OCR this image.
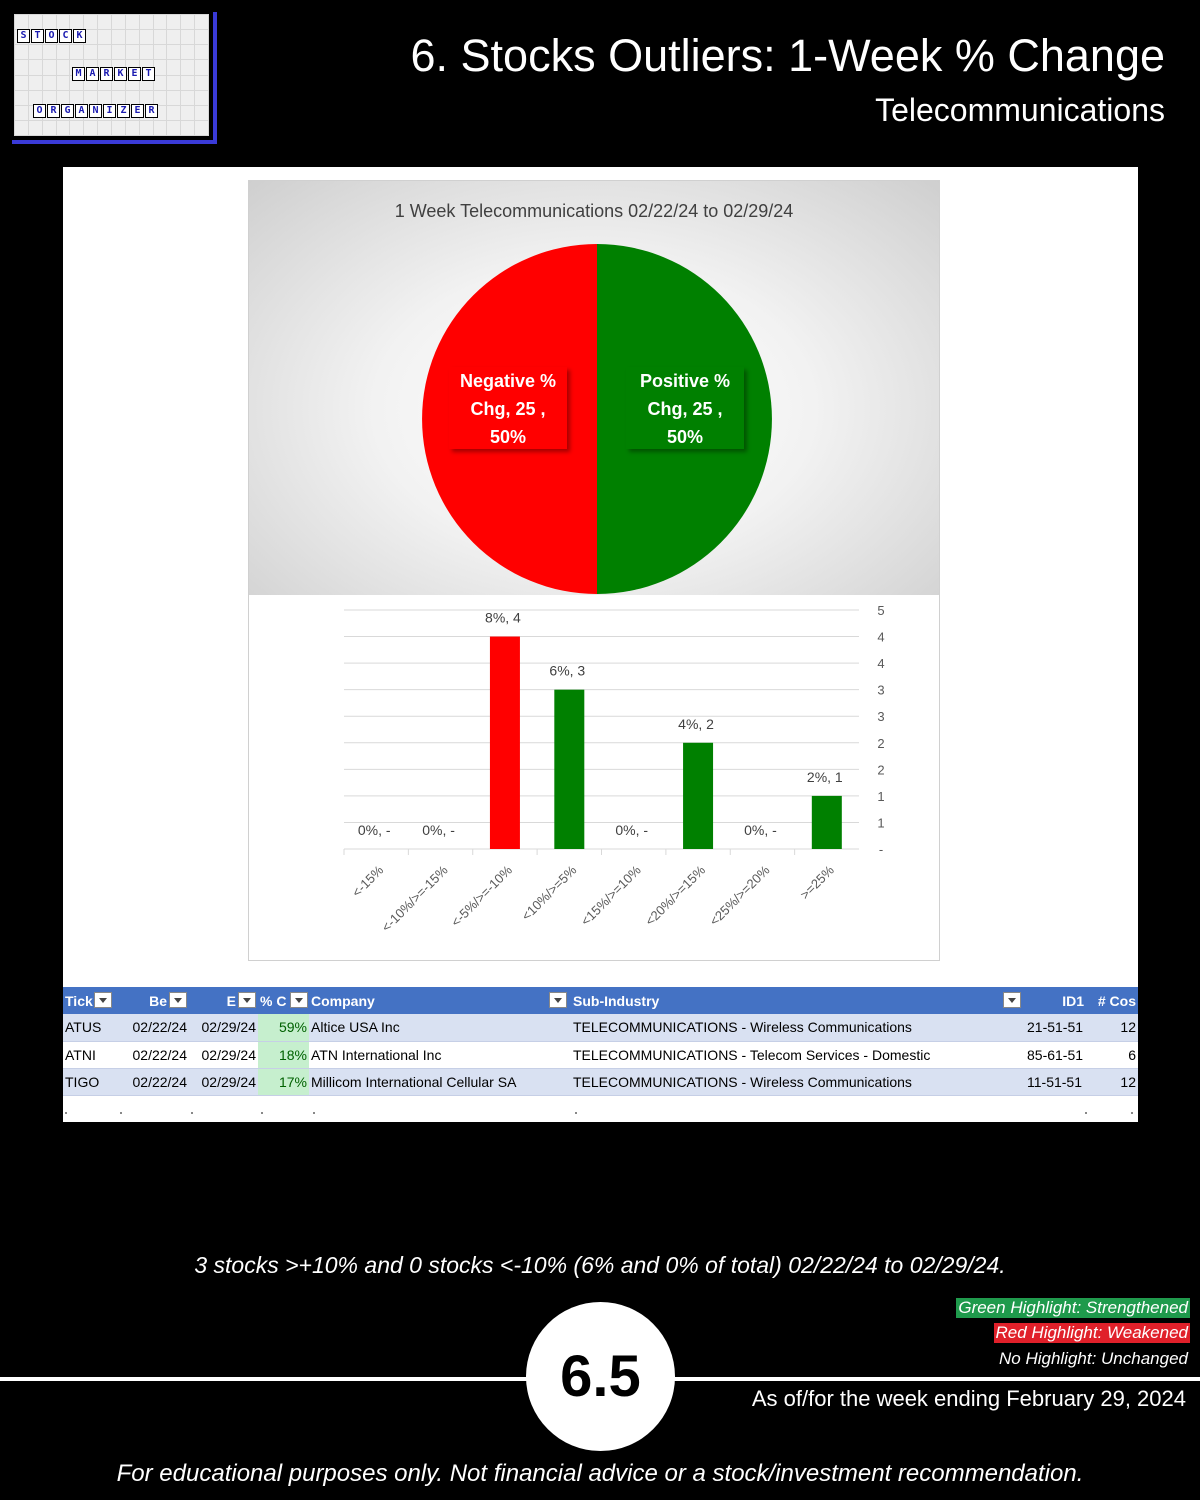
S T O C K
M A R K E T
O R G A N I Z E R
6. Stocks Outliers: 1-Week % Change
Telecommunications
1 Week Telecommunications 02/22/24 to 02/29/24
Negative %
Chg, 25 ,
50%
Positive %
Chg, 25 ,
50%
-
1
1
2
2
3
3
4
4
5
0%, -
<-15%
0%, -
<-10%/>=-15%
8%, 4
<-5%/>=-10%
6%, 3
<10%/>=5%
0%, -
<15%/>=10%
4%, 2
<20%/>=15%
0%, -
<25%/>=20%
2%, 1
>=25%
Tick	Be	E	% C	Company	Sub-Industry	ID1	# Cos
ATUS	02/22/24	02/29/24	59%	Altice USA Inc	TELECOMMUNICATIONS - Wireless Communications	21-51-51	12
ATNI	02/22/24	02/29/24	18%	ATN International Inc	TELECOMMUNICATIONS - Telecom Services - Domestic	85-61-51	6
TIGO	02/22/24	02/29/24	17%	Millicom International Cellular SA	TELECOMMUNICATIONS - Wireless Communications	11-51-51	12
3 stocks >+10% and 0 stocks <-10% (6% and 0% of total) 02/22/24 to 02/29/24.
Green Highlight: Strengthened
Red Highlight: Weakened
No Highlight: Unchanged
6.5	As of/for the week ending February 29, 2024
For educational purposes only. Not financial advice or a stock/investment recommendation.
